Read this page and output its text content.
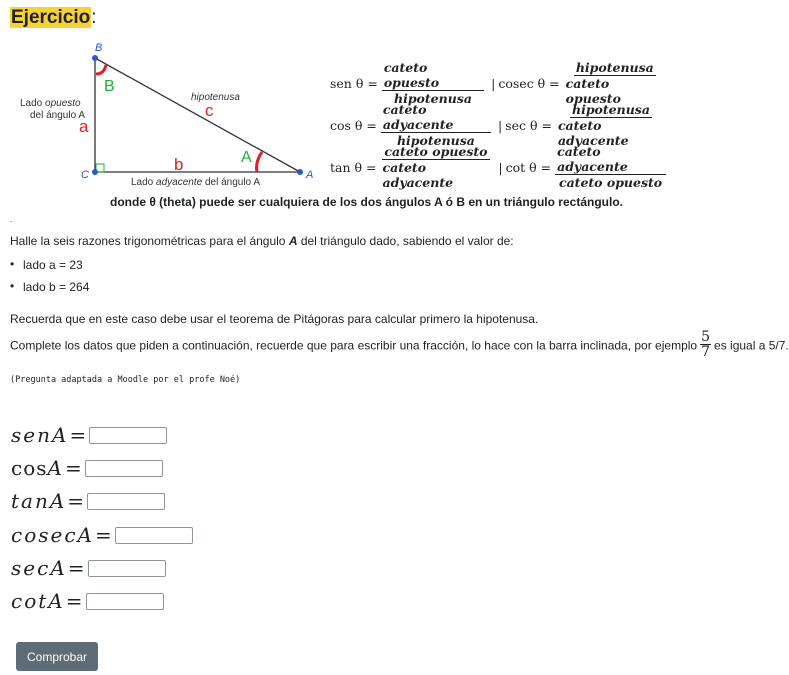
Ejercicio:
B
C	A
B
A
a
b
c
hipotenusa
Lado opuesto
del ángulo A
Lado adyacente del ángulo A
sen $\theta = \frac{\text{cateto opuesto}}{\text{hipotenusa}}$ | cosec $\theta = \frac{\text{hipotenusa}}{\text{cateto opuesto}}$
$\cos \theta = \frac{\text{cateto adyacente}}{\text{hipotenusa}}$ | $\sec \theta = \frac{\text{hipotenusa}}{\text{cateto adyacente}}$
$\tan \theta = \frac{\text{cateto opuesto}}{\text{cateto adyacente}}$ | $\cot \theta = \frac{\text{cateto adyacente}}{\text{cateto opuesto}}$
donde θ (theta) puede ser cualquiera de los dos ángulos A ó B en un triángulo rectángulo.
.
Halle la seis razones trigonométricas para el ángulo A del triángulo dado, sabiendo el valor de:
• lado a = 23
• lado b = 264
Recuerda que en este caso debe usar el teorema de Pitágoras para calcular primero la hipotenusa.
Complete los datos que piden a continuación, recuerde que para escribir una fracción, lo hace con la barra inclinada, por ejemplo $\frac{5}{7}$ es igual a 5/7.
(Pregunta adaptada a Moodle por el profe Noé)
senA=
cosA=
tanA=
cosecA=
secA=
cotA=
Comprobar
